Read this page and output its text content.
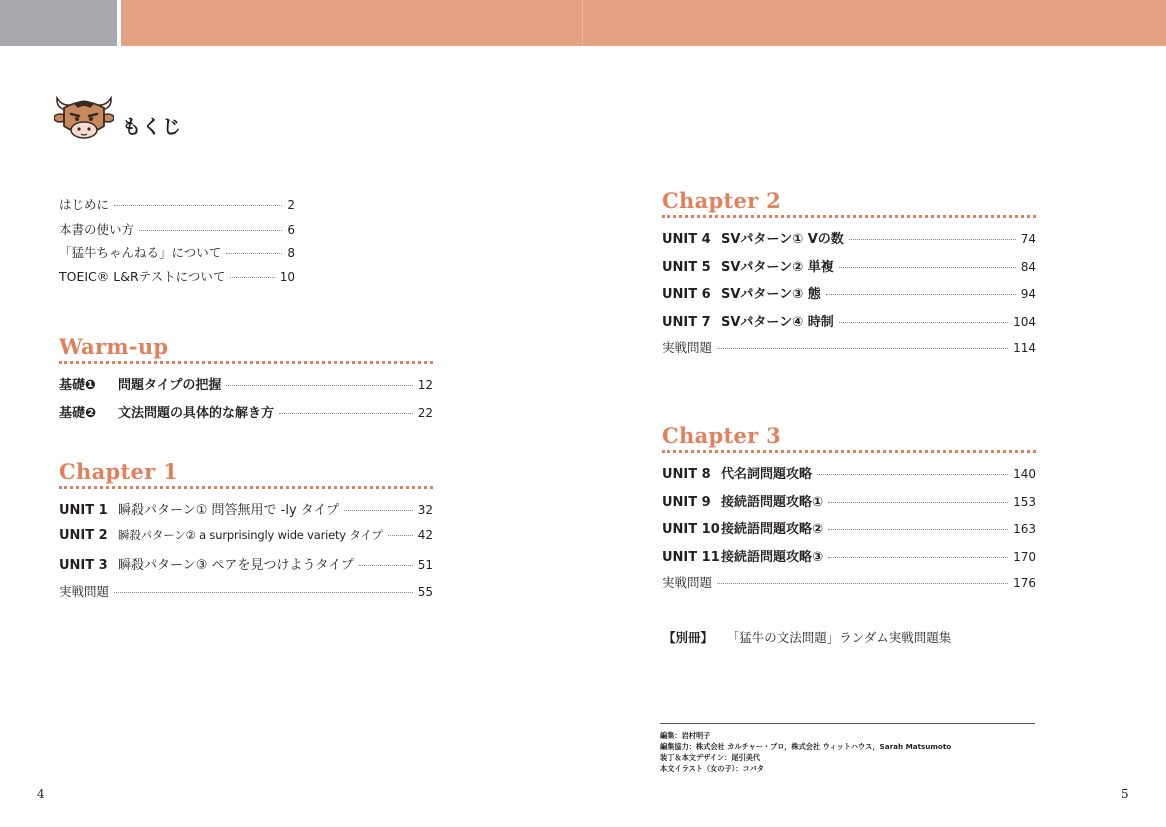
もくじ
はじめに	2
本書の使い方	6
「猛牛ちゃんねる」について	8
TOEIC® L&Rテストについて	10
Warm-up
基礎❶	問題タイプの把握	12
基礎❷	文法問題の具体的な解き方	22
Chapter 1
UNIT 1 瞬殺パターン① 問答無用で -ly タイプ	32
UNIT 2 瞬殺パターン② a surprisingly wide variety タイプ	42
UNIT 3 瞬殺パターン③ ペアを見つけようタイプ	51
実戦問題	55
Chapter 2
UNIT 4 SVパターン① Vの数	74
UNIT 5 SVパターン② 単複	84
UNIT 6 SVパターン③ 態	94
UNIT 7 SVパターン④ 時制	104
実戦問題	114
Chapter 3
UNIT 8 代名詞問題攻略	140
UNIT 9 接続語問題攻略①	153
UNIT 10 接続語問題攻略②	163
UNIT 11 接続語問題攻略③	170
実戦問題	176
【別冊】 「猛牛の文法問題」ランダム実戦問題集
編集：岩村明子
編集協力：株式会社 カルチャー・プロ，株式会社 ウィットハウス，Sarah Matsumoto
装丁＆本文デザイン：尾引美代
本文イラスト（女の子）：コバタ
4	5
